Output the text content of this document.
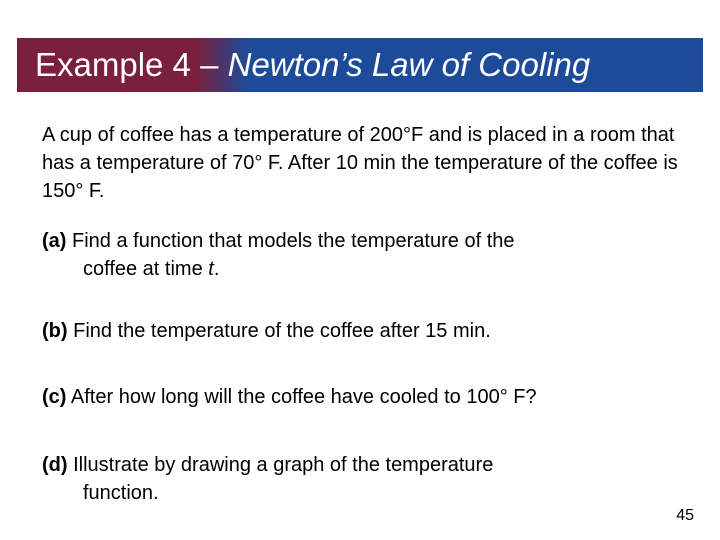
Example 4 – Newton’s Law of Cooling
A cup of coffee has a temperature of 200°F and is placed in a room that has a temperature of 70° F. After 10 min the temperature of the coffee is 150° F.
(a) Find a function that models the temperature of the
coffee at time t.
(b) Find the temperature of the coffee after 15 min.
(c) After how long will the coffee have cooled to 100° F?
(d) Illustrate by drawing a graph of the temperature
function.
45
